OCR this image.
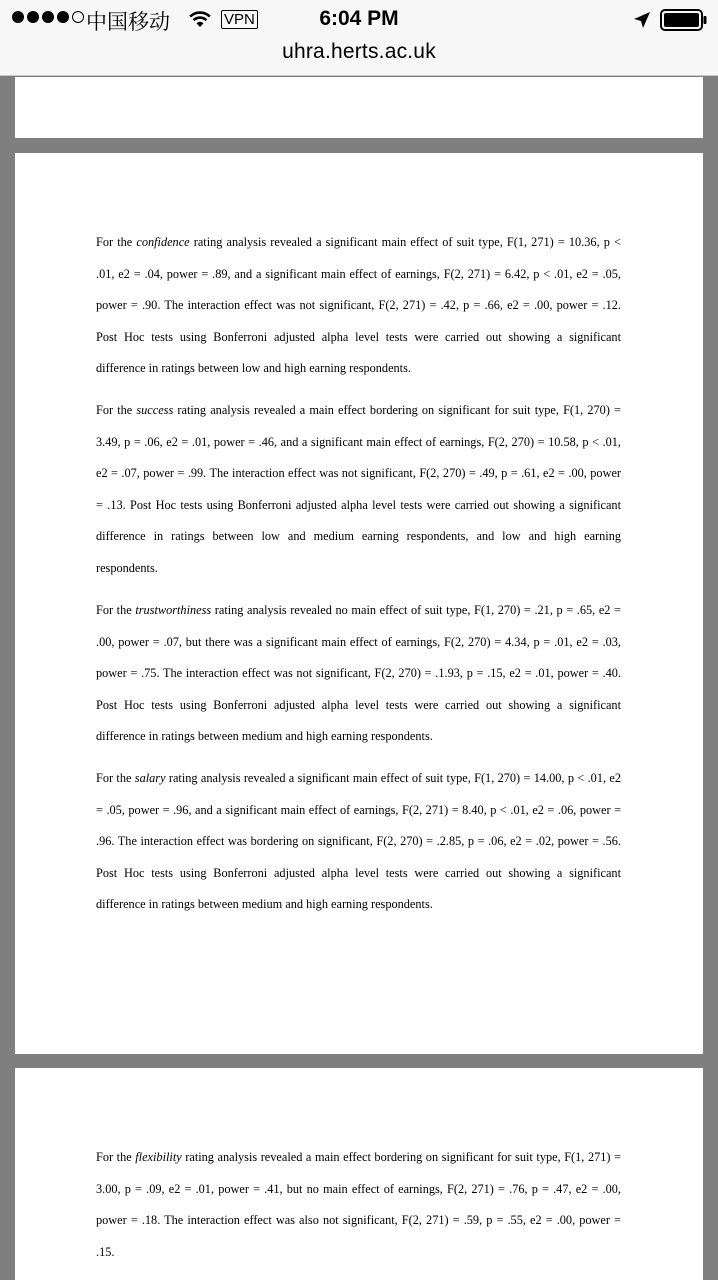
中国移动	VPN	6:04 PM
uhra.herts.ac.uk

For the confidence rating analysis revealed a significant main effect of suit type, F(1, 271) = 10.36, p < .01, e2 = .04, power = .89, and a significant main effect of earnings, F(2, 271) = 6.42, p < .01, e2 = .05, power = .90. The interaction effect was not significant, F(2, 271) = .42, p = .66, e2 = .00, power = .12. Post Hoc tests using Bonferroni adjusted alpha level tests were carried out showing a significant difference in ratings between low and high earning respondents.

For the success rating analysis revealed a main effect bordering on significant for suit type, F(1, 270) = 3.49, p = .06, e2 = .01, power = .46, and a significant main effect of earnings, F(2, 270) = 10.58, p < .01, e2 = .07, power = .99. The interaction effect was not significant, F(2, 270) = .49, p = .61, e2 = .00, power = .13. Post Hoc tests using Bonferroni adjusted alpha level tests were carried out showing a significant difference in ratings between low and medium earning respondents, and low and high earning respondents.

For the trustworthiness rating analysis revealed no main effect of suit type, F(1, 270) = .21, p = .65, e2 = .00, power = .07, but there was a significant main effect of earnings, F(2, 270) = 4.34, p = .01, e2 = .03, power = .75. The interaction effect was not significant, F(2, 270) = .1.93, p = .15, e2 = .01, power = .40. Post Hoc tests using Bonferroni adjusted alpha level tests were carried out showing a significant difference in ratings between medium and high earning respondents.

For the salary rating analysis revealed a significant main effect of suit type, F(1, 270) = 14.00, p < .01, e2 = .05, power = .96, and a significant main effect of earnings, F(2, 271) = 8.40, p < .01, e2 = .06, power = .96. The interaction effect was bordering on significant, F(2, 270) = .2.85, p = .06, e2 = .02, power = .56. Post Hoc tests using Bonferroni adjusted alpha level tests were carried out showing a significant difference in ratings between medium and high earning respondents.

For the flexibility rating analysis revealed a main effect bordering on significant for suit type, F(1, 271) = 3.00, p = .09, e2 = .01, power = .41, but no main effect of earnings, F(2, 271) = .76, p = .47, e2 = .00, power = .18. The interaction effect was also not significant, F(2, 271) = .59, p = .55, e2 = .00, power = .15.
